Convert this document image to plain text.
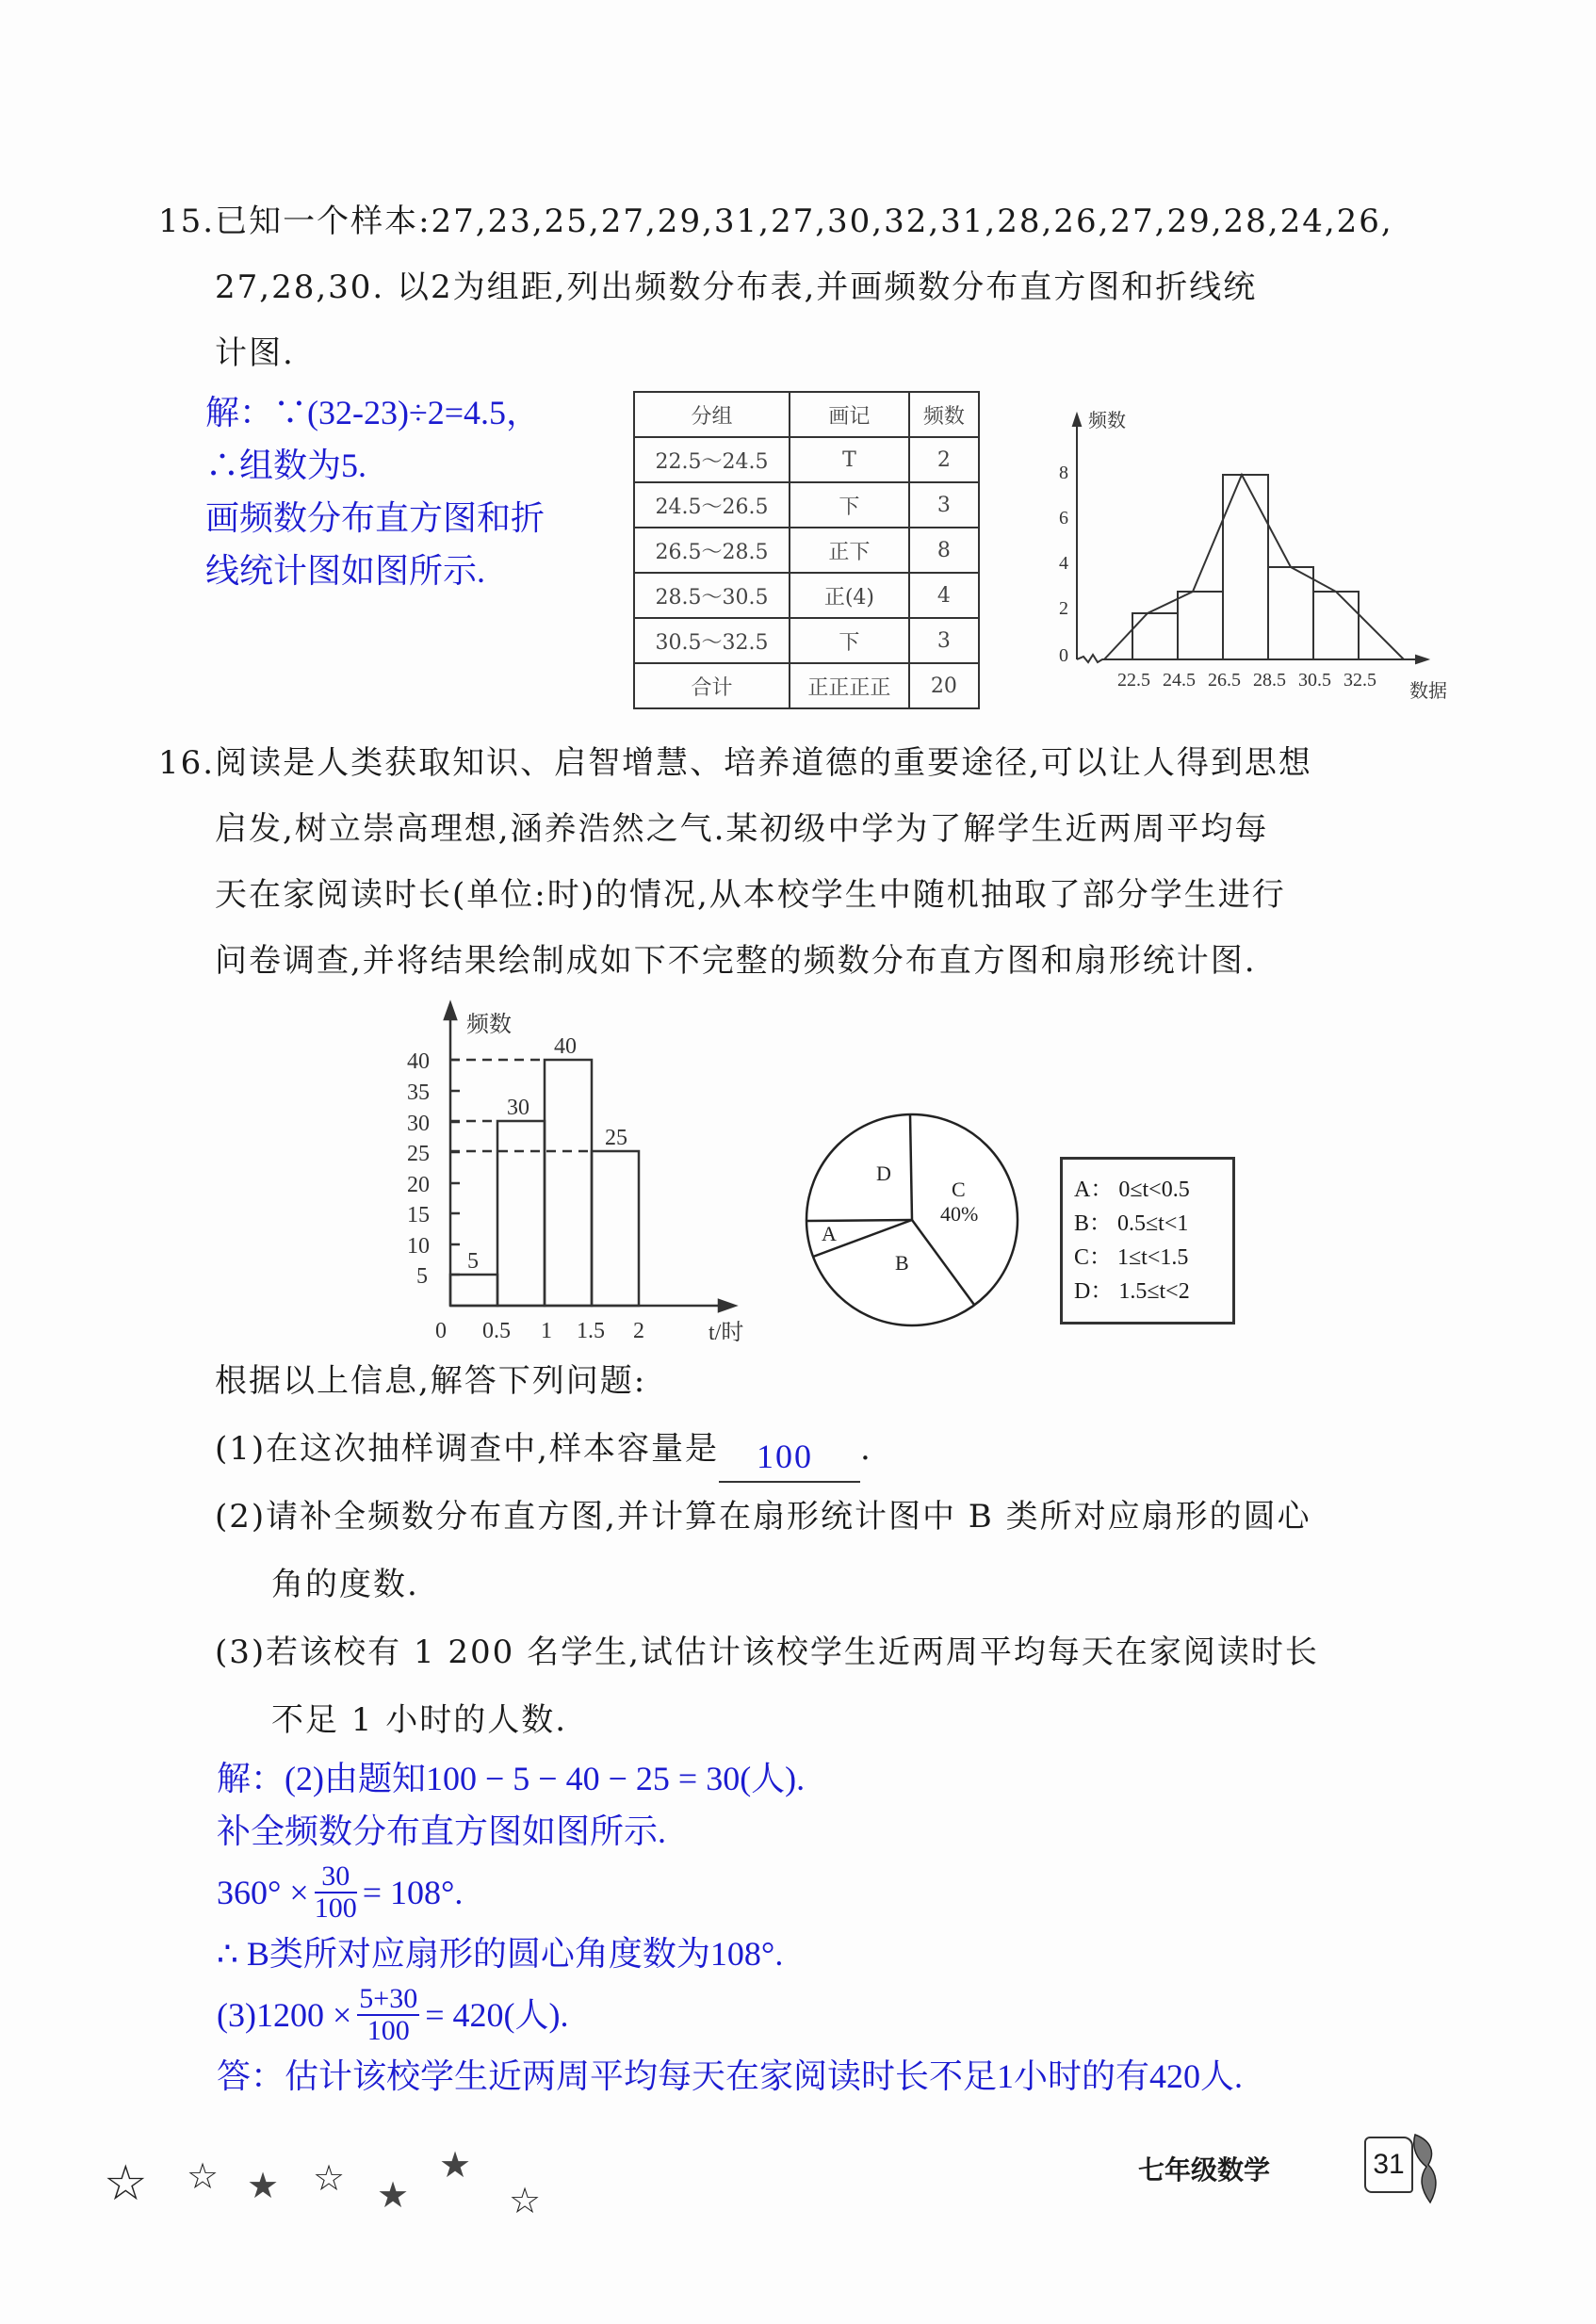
15.已知一个样本:27,23,25,27,29,31,27,30,32,31,28,26,27,29,28,24,26,
27,28,30. 以2为组距,列出频数分布表,并画频数分布直方图和折线统
计图.
解：∵(32-23)÷2=4.5，
∴组数为5.
画频数分布直方图和折
线统计图如图所示.
分组	画记	频数
22.5～24.5	T	2
24.5～26.5	下	3
26.5～28.5	正下	8
28.5～30.5	正(4)	4
30.5～32.5	下	3
合计	正正正正	20
频数
8
6
4
2
0
22.5 24.5 26.5 28.5 30.5 32.5
数据
16.阅读是人类获取知识、启智增慧、培养道德的重要途径,可以让人得到思想
启发,树立崇高理想,涵养浩然之气.某初级中学为了解学生近两周平均每
天在家阅读时长(单位:时)的情况,从本校学生中随机抽取了部分学生进行
问卷调查,并将结果绘制成如下不完整的频数分布直方图和扇形统计图.
频数
5
10
15
20
25
30
35
40
5
30
40
25
0 0.5 1 1.5 2	t/时
D
C
40%
A
B
A： 0≤t<0.5
B： 0.5≤t<1
C： 1≤t<1.5
D： 1.5≤t<2
根据以上信息,解答下列问题:
(1)在这次抽样调查中,样本容量是 100 .
(2)请补全频数分布直方图,并计算在扇形统计图中 B 类所对应扇形的圆心
角的度数.
(3)若该校有 1 200 名学生,试估计该校学生近两周平均每天在家阅读时长
不足 1 小时的人数.
解：(2)由题知100 − 5 − 40 − 25 = 30(人).
补全频数分布直方图如图所示.
$360^\circ \times \frac{30}{100} = 108^\circ$.
∴ B类所对应扇形的圆心角度数为108°.
$(3)1200 \times \frac{5+30}{100} = 420$(人).
答：估计该校学生近两周平均每天在家阅读时长不足1小时的有420人.
☆ ☆ ★ ☆ ★
★
☆
七年级数学	31
